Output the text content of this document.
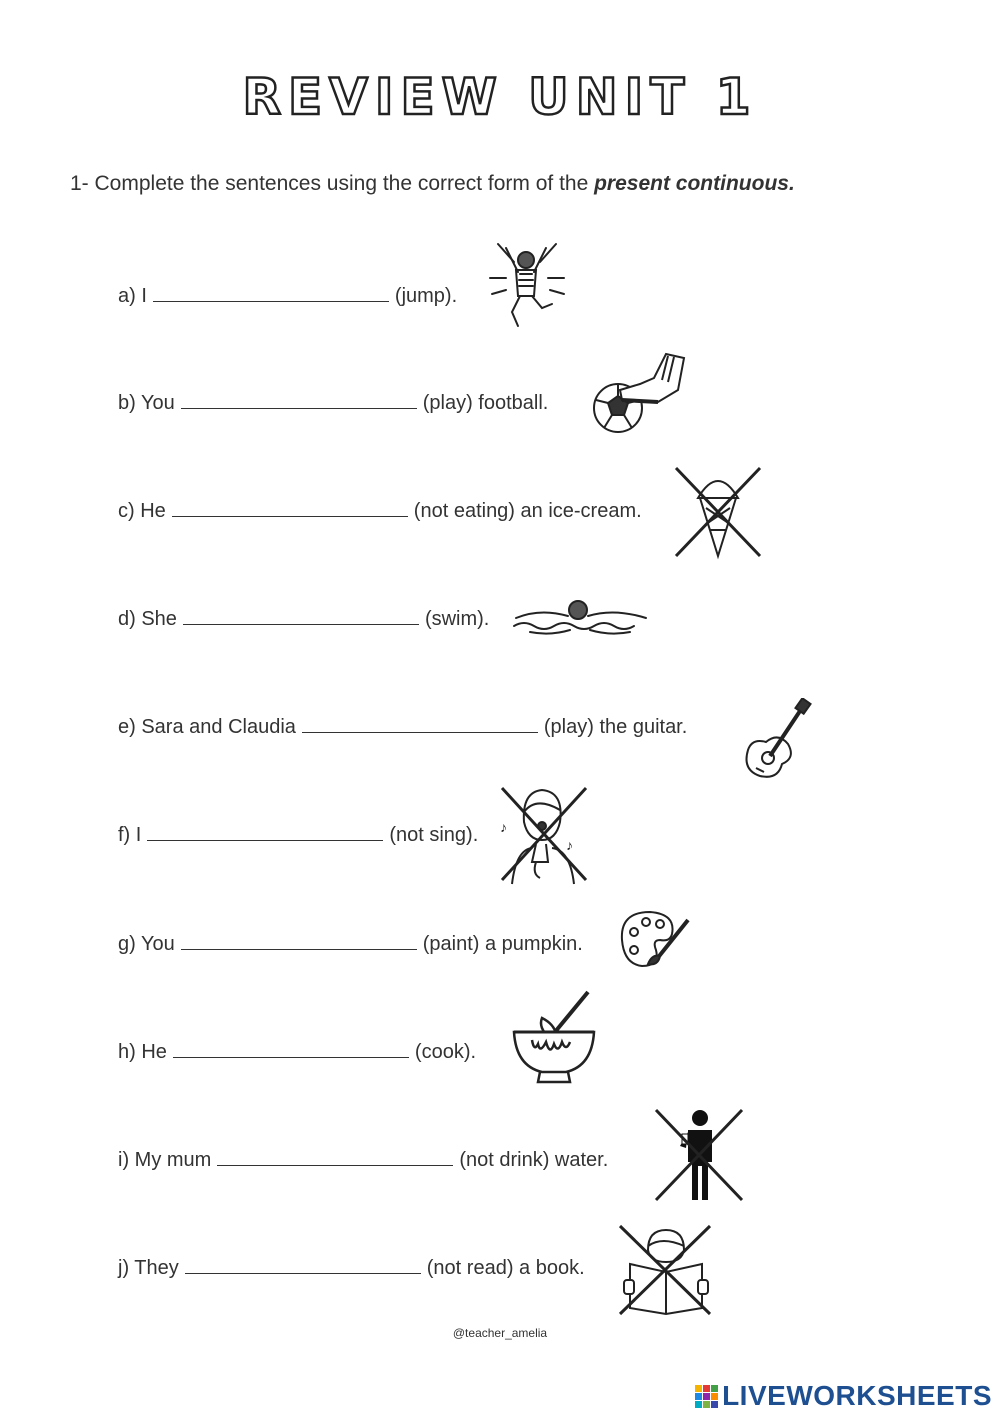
REVIEW UNIT 1
1- Complete the sentences using the correct form of the present continuous.
a) I	(jump).
b) You	(play) football.
c) He	(not eating) an ice-cream.
d) She	(swim).
e) Sara and Claudia	(play) the guitar.
f) I	(not sing). ♪
♪
g) You	(paint) a pumpkin.
h) He	(cook).
i) My mum	(not drink) water.
j) They	(not read) a book.
@teacher_amelia
LIVEWORKSHEETS
